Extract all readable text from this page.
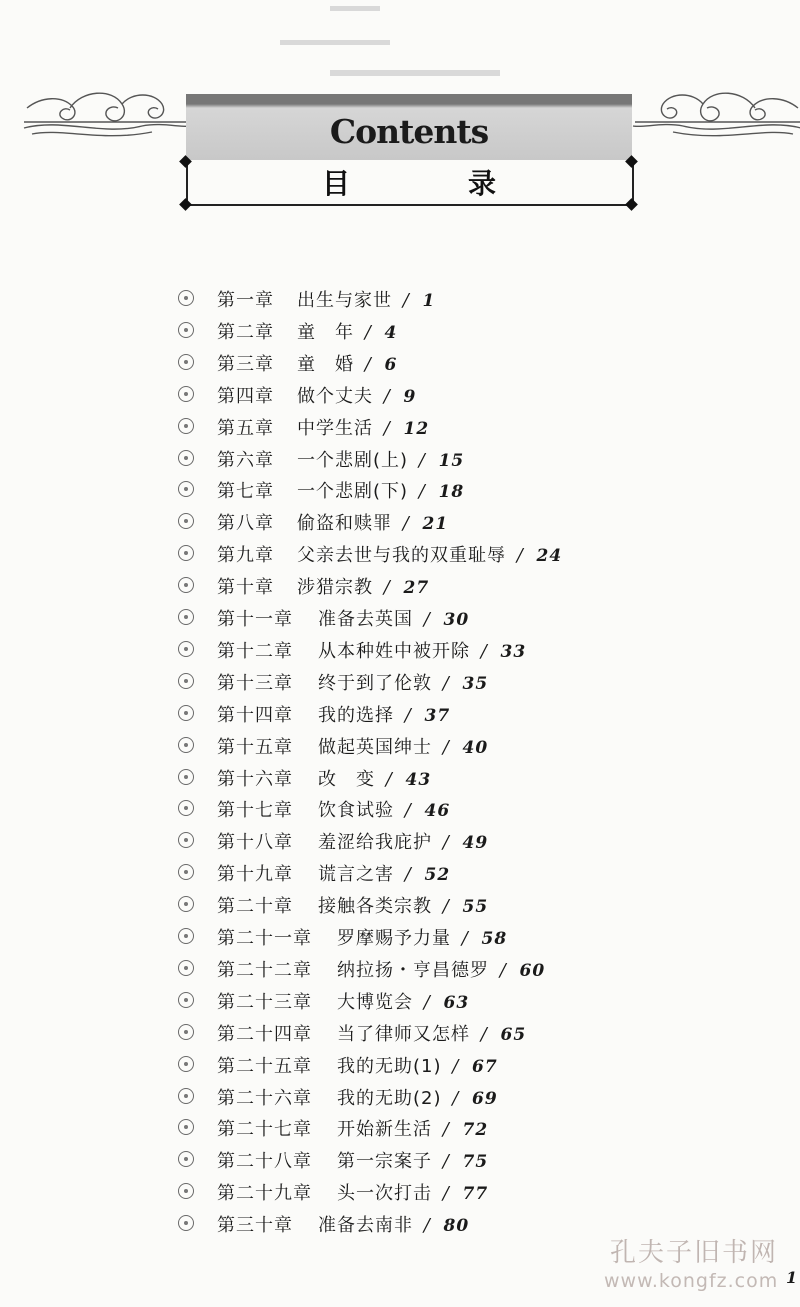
Contents
目	录
第一章 出生与家世 / 1
第二章 童　年 / 4
第三章 童　婚 / 6
第四章 做个丈夫 / 9
第五章 中学生活 / 12
第六章 一个悲剧(上) / 15
第七章 一个悲剧(下) / 18
第八章 偷盗和赎罪 / 21
第九章 父亲去世与我的双重耻辱 / 24
第十章 涉猎宗教 / 27
第十一章 准备去英国 / 30
第十二章 从本种姓中被开除 / 33
第十三章 终于到了伦敦 / 35
第十四章 我的选择 / 37
第十五章 做起英国绅士 / 40
第十六章 改　变 / 43
第十七章 饮食试验 / 46
第十八章 羞涩给我庇护 / 49
第十九章 谎言之害 / 52
第二十章 接触各类宗教 / 55
第二十一章 罗摩赐予力量 / 58
第二十二章 纳拉扬・亨昌德罗 / 60
第二十三章 大博览会 / 63
第二十四章 当了律师又怎样 / 65
第二十五章 我的无助(1) / 67
第二十六章 我的无助(2) / 69
第二十七章 开始新生活 / 72
第二十八章 第一宗案子 / 75
第二十九章 头一次打击 / 77
第三十章 准备去南非 / 80
孔夫子旧书网
www.kongfz.com 1
